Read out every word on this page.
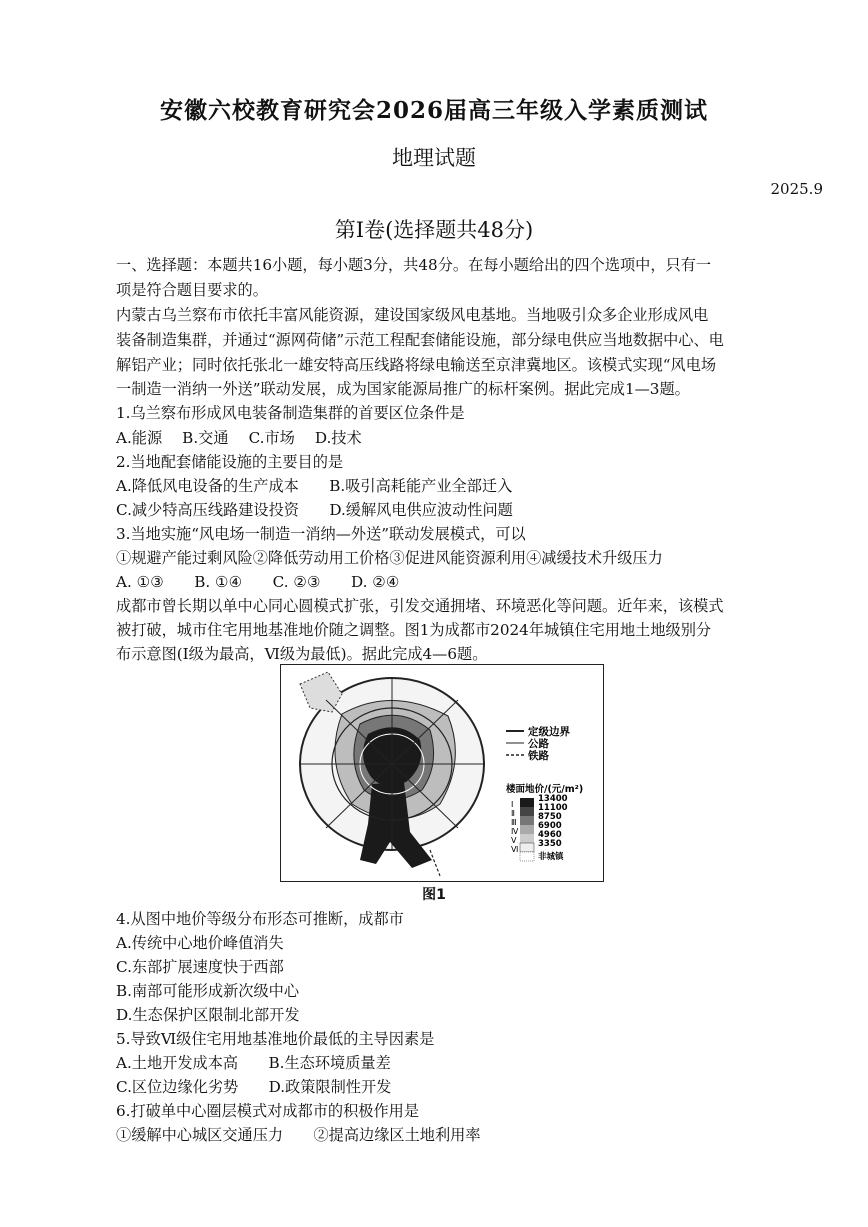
安徽六校教育研究会2026届高三年级入学素质测试
地理试题
2025.9
第Ⅰ卷(选择题共48分)
一、选择题：本题共16小题，每小题3分，共48分。在每小题给出的四个选项中，只有一
项是符合题目要求的。
内蒙古乌兰察布市依托丰富风能资源，建设国家级风电基地。当地吸引众多企业形成风电
装备制造集群，并通过“源网荷储”示范工程配套储能设施，部分绿电供应当地数据中心、电
解铝产业；同时依托张北一雄安特高压线路将绿电输送至京津冀地区。该模式实现“风电场
一制造一消纳一外送”联动发展，成为国家能源局推广的标杆案例。据此完成1—3题。
1.乌兰察布形成风电装备制造集群的首要区位条件是
A.能源　 B.交通　 C.市场　 D.技术
2.当地配套储能设施的主要目的是
A.降低风电设备的生产成本　　B.吸引高耗能产业全部迁入
C.减少特高压线路建设投资　　D.缓解风电供应波动性问题
3.当地实施“风电场一制造一消纳—外送”联动发展模式，可以
①规避产能过剩风险②降低劳动用工价格③促进风能资源利用④减缓技术升级压力
A. ①③　　B. ①④　　C. ②③　　D. ②④
成都市曾长期以单中心同心圆模式扩张，引发交通拥堵、环境恶化等问题。近年来，该模式
被打破，城市住宅用地基准地价随之调整。图1为成都市2024年城镇住宅用地土地级别分
布示意图(Ⅰ级为最高，Ⅵ级为最低)。据此完成4—6题。
定级边界
公路
铁路
楼面地价/(元/m²)
Ⅰ
Ⅱ
Ⅲ
Ⅳ
Ⅴ
Ⅵ
13400
11100
8750
6900
4960
3350
非城镇
图1
4.从图中地价等级分布形态可推断，成都市
A.传统中心地价峰值消失
C.东部扩展速度快于西部
B.南部可能形成新次级中心
D.生态保护区限制北部开发
5.导致Ⅵ级住宅用地基准地价最低的主导因素是
A.土地开发成本高　　B.生态环境质量差
C.区位边缘化劣势　　D.政策限制性开发
6.打破单中心圈层模式对成都市的积极作用是
①缓解中心城区交通压力　　②提高边缘区土地利用率
